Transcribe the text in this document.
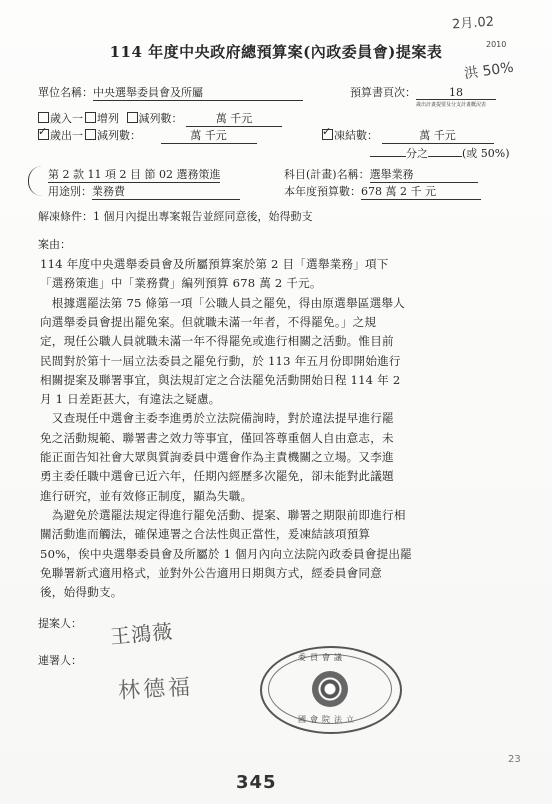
2月.02
2010
洪 50%
114 年度中央政府總預算案(內政委員會)提案表
單位名稱：中央選舉委員會及所屬	預算書頁次：	18
歲出計畫提要及分支計畫概況表
歲入一 增列 減列數：	萬 千元
✓歲出一 減列數：	萬 千元
✓	凍結數：	萬 千元
分之	(或 50%)
第 2 款 11 項 2 目 節 02 選務策進	科目(計畫)名稱：選舉業務
用途別：業務費	本年度預算數：678 萬 2 千 元
解凍條件：1 個月內提出專案報告並經同意後，始得動支
案由：
114 年度中央選舉委員會及所屬預算案於第 2 目「選舉業務」項下
「選務策進」中「業務費」編列預算 678 萬 2 千元。
　根據選罷法第 75 條第一項「公職人員之罷免，得由原選舉區選舉人
向選舉委員會提出罷免案。但就職未滿一年者，不得罷免。」之規
定，現任公職人員就職未滿一年不得罷免或進行相關之活動。惟目前
民間對於第十一屆立法委員之罷免行動，於 113 年五月份即開始進行
相關提案及聯署事宜，與法規訂定之合法罷免活動開始日程 114 年 2
月 1 日差距甚大，有違法之疑慮。
　又查現任中選會主委李進勇於立法院備詢時，對於違法提早進行罷
免之活動規範、聯署書之效力等事宜，僅回答尊重個人自由意志，未
能正面告知社會大眾與質詢委員中選會作為主責機關之立場。又李進
勇主委任職中選會已近六年，任期內經歷多次罷免，卻未能對此議題
進行研究，並有效修正制度，顯為失職。
　為避免於選罷法規定得進行罷免活動、提案、聯署之期限前即進行相
關活動進而觸法，確保連署之合法性與正當性，爰凍結該項預算
50%，俟中央選舉委員會及所屬於 1 個月內向立法院內政委員會提出罷
免聯署新式適用格式，並對外公告適用日期與方式，經委員會同意
後，始得動支。
提案人： 王鴻薇
連署人：
林德福
委員會議
國會院法立
345
23
